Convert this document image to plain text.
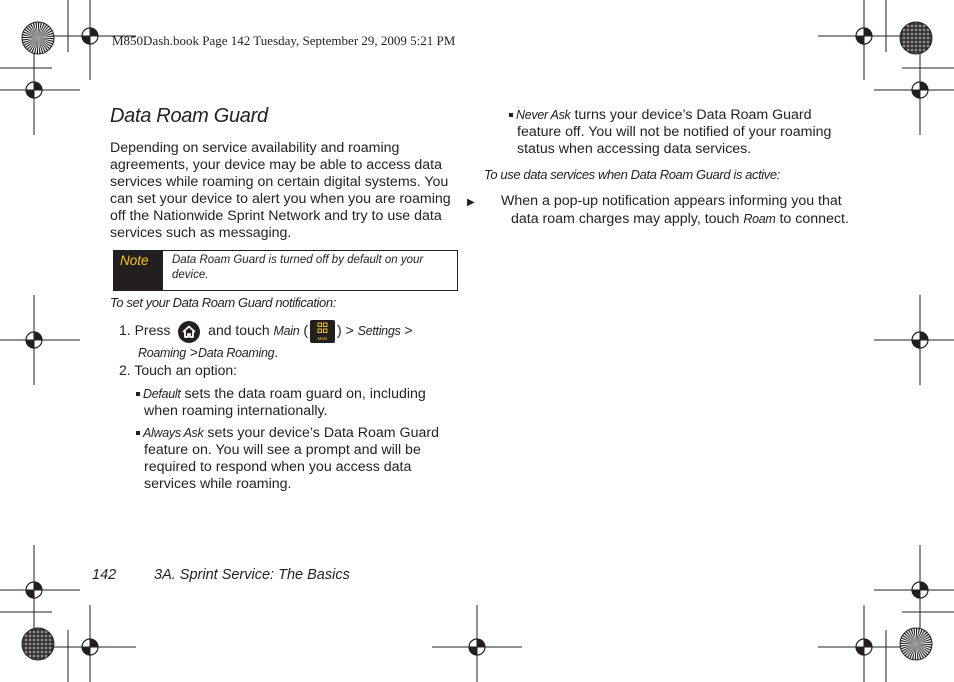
M850Dash.book Page 142 Tuesday, September 29, 2009 5:21 PM
Data Roam Guard
Depending on service availability and roaming agreements, your device may be able to access data services while roaming on certain digital systems. You can set your device to alert you when you are roaming off the Nationwide Sprint Network and try to use data services such as messaging.
Note	Data Roam Guard is turned off by default on your device.
To set your Data Roam Guard notification:
1. Press	and touch Main (
Main
) > Settings >
Roaming >Data Roaming.
2. Touch an option:
Default sets the data roam guard on, including when roaming internationally.
Always Ask sets your device’s Data Roam Guard feature on. You will see a prompt and will be required to respond when you access data services while roaming.
Never Ask turns your device’s Data Roam Guard feature off. You will not be notified of your roaming status when accessing data services.
To use data services when Data Roam Guard is active:
▶ When a pop-up notification appears informing you that data roam charges may apply, touch Roam to connect.
142	3A. Sprint Service: The Basics
